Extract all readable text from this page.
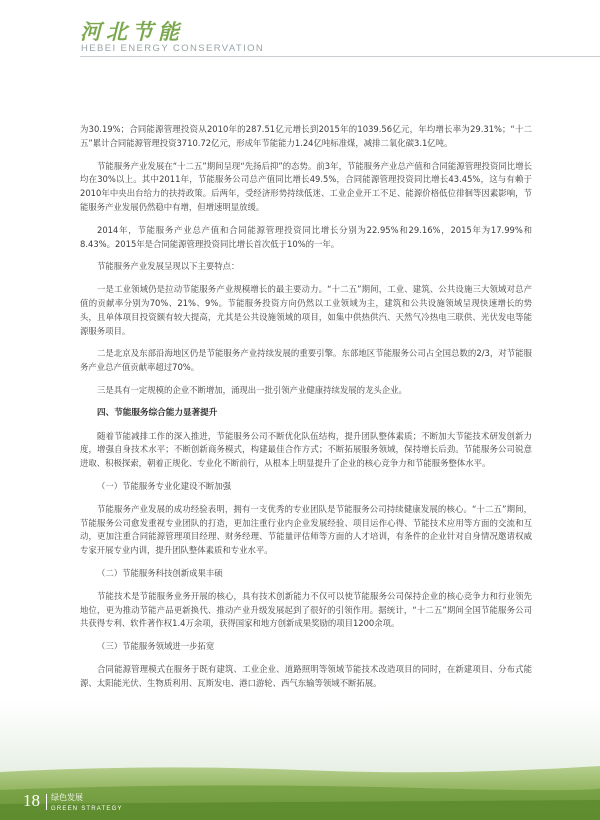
河北节能
HEBEI ENERGY CONSERVATION

为30.19%；合同能源管理投资从2010年的287.51亿元增长到2015年的1039.56亿元，年均增长率为29.31%；“十二五”累计合同能源管理投资3710.72亿元，形成年节能能力1.24亿吨标准煤，减排二氧化碳3.1亿吨。

节能服务产业发展在“十二五”期间呈现“先扬后抑”的态势。前3年，节能服务产业总产值和合同能源管理投资同比增长均在30%以上。其中2011年，节能服务公司总产值同比增长49.5%，合同能源管理投资同比增长43.45%，这与有赖于2010年中央出台给力的扶持政策。后两年，受经济形势持续低迷、工业企业开工不足、能源价格低位徘徊等因素影响，节能服务产业发展仍然稳中有增，但增速明显放缓。

2014年，节能服务产业总产值和合同能源管理投资同比增长分别为22.95%和29.16%，2015年为17.99%和8.43%。2015年是合同能源管理投资同比增长首次低于10%的一年。

节能服务产业发展呈现以下主要特点：

一是工业领域仍是拉动节能服务产业规模增长的最主要动力。“十二五”期间，工业、建筑、公共设施三大领域对总产值的贡献率分别为70%、21%、9%。节能服务投资方向仍然以工业领域为主，建筑和公共设施领域呈现快速增长的势头，且单体项目投资额有较大提高，尤其是公共设施领域的项目，如集中供热供汽、天然气冷热电三联供、光伏发电等能源服务项目。

二是北京及东部沿海地区仍是节能服务产业持续发展的重要引擎。东部地区节能服务公司占全国总数的2/3，对节能服务产业总产值贡献率超过70%。

三是具有一定规模的企业不断增加，涌现出一批引领产业健康持续发展的龙头企业。

四、节能服务综合能力显著提升

随着节能减排工作的深入推进，节能服务公司不断优化队伍结构，提升团队整体素质；不断加大节能技术研发创新力度，增强自身技术水平；不断创新商务模式，构建最佳合作方式；不断拓展服务领域，保持增长后劲。节能服务公司锐意进取、积极探索，朝着正规化、专业化不断前行，从根本上明显提升了企业的核心竞争力和节能服务整体水平。

（一）节能服务专业化建设不断加强

节能服务产业发展的成功经验表明，拥有一支优秀的专业团队是节能服务公司持续健康发展的核心。“十二五”期间，节能服务公司愈发重视专业团队的打造，更加注重行业内企业发展经验、项目运作心得、节能技术应用等方面的交流和互动，更加注重合同能源管理项目经理、财务经理、节能量评估师等方面的人才培训，有条件的企业针对自身情况邀请权威专家开展专业内训，提升团队整体素质和专业水平。

（二）节能服务科技创新成果丰硕

节能技术是节能服务业务开展的核心，具有技术创新能力不仅可以使节能服务公司保持企业的核心竞争力和行业领先地位，更为推动节能产品更新换代、推动产业升级发展起到了很好的引领作用。据统计，“十二五”期间全国节能服务公司共获得专利、软件著作权1.4万余项，获得国家和地方创新成果奖励的项目1200余项。

（三）节能服务领域进一步拓宽

合同能源管理模式在服务于既有建筑、工业企业、道路照明等领域节能技术改造项目的同时，在新建项目、分布式能源、太阳能光伏、生物质利用、瓦斯发电、港口游轮、西气东输等领域不断拓展。

18 绿色发展
GREEN STRATEGY
